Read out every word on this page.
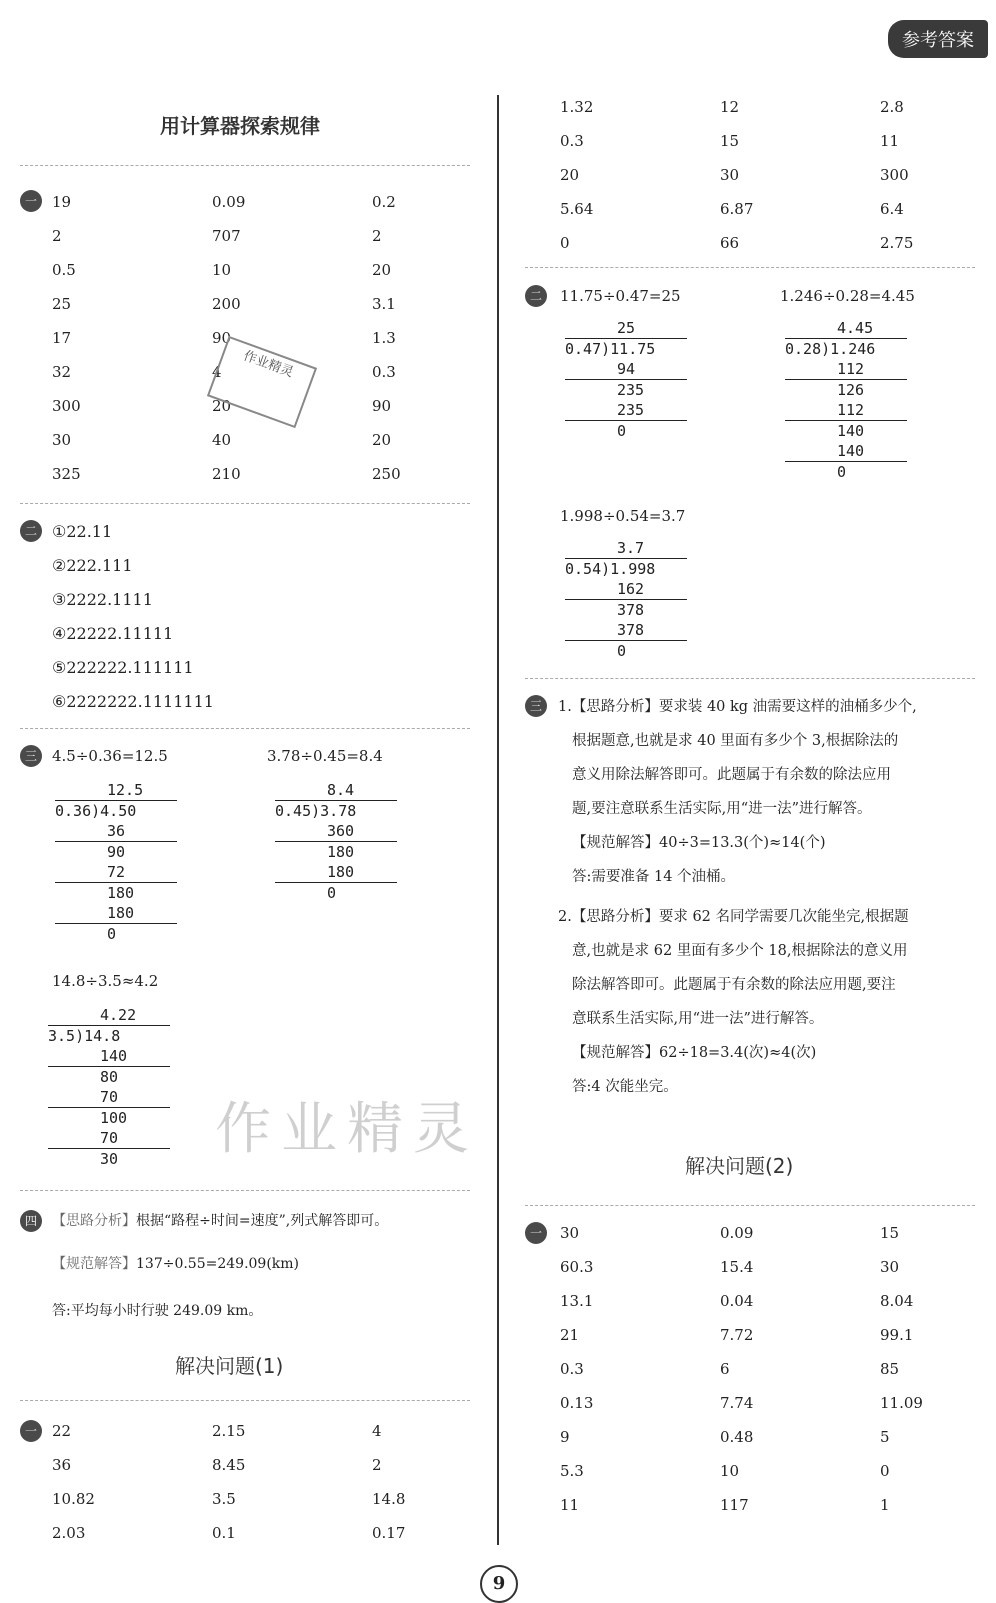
参考答案
用计算器探索规律
一	19	0.09	0.2
2	707	2
0.5	10	20
25	200	3.1
17	90	1.3
32	4	0.3
300	20	90
30	40	20
325	210	250
作业精灵
二 ①22.11
②222.111
③2222.1111
④22222.11111
⑤222222.111111
⑥2222222.1111111
三	4.5÷0.36=12.5	3.78÷0.45=8.4
12.5
0.36)4.50
36
90
72
180
180
0
8.4
0.45)3.78
360
180
180
0
14.8÷3.5≈4.2
4.22
3.5)14.8
140
80
70
100
70
30	作业精灵
四	【思路分析】根据“路程÷时间=速度”,列式解答即可。
【规范解答】137÷0.55=249.09(km)
答:平均每小时行驶 249.09 km。
解决问题(1)
一	22	2.15	4
36	8.45	2
10.82	3.5	14.8
2.03	0.1	0.17
1.32	12	2.8
0.3	15	11
20	30	300
5.64	6.87	6.4
0	66	2.75
二	11.75÷0.47=25	1.246÷0.28=4.45
25
0.47)11.75
94
235
235
0
4.45
0.28)1.246
112
126
112
140
140
0
1.998÷0.54=3.7
3.7
0.54)1.998
162
378
378
0
三	1.【思路分析】要求装 40 kg 油需要这样的油桶多少个,
根据题意,也就是求 40 里面有多少个 3,根据除法的
意义用除法解答即可。此题属于有余数的除法应用
题,要注意联系生活实际,用“进一法”进行解答。
【规范解答】40÷3=13.3(个)≈14(个)
答:需要准备 14 个油桶。
2.【思路分析】要求 62 名同学需要几次能坐完,根据题
意,也就是求 62 里面有多少个 18,根据除法的意义用
除法解答即可。此题属于有余数的除法应用题,要注
意联系生活实际,用“进一法”进行解答。
【规范解答】62÷18=3.4(次)≈4(次)
答:4 次能坐完。
解决问题(2)
一	30	0.09	15
60.3	15.4	30
13.1	0.04	8.04
21	7.72	99.1
0.3	6	85
0.13	7.74	11.09
9	0.48	5
5.3	10	0
11	117	1
9
